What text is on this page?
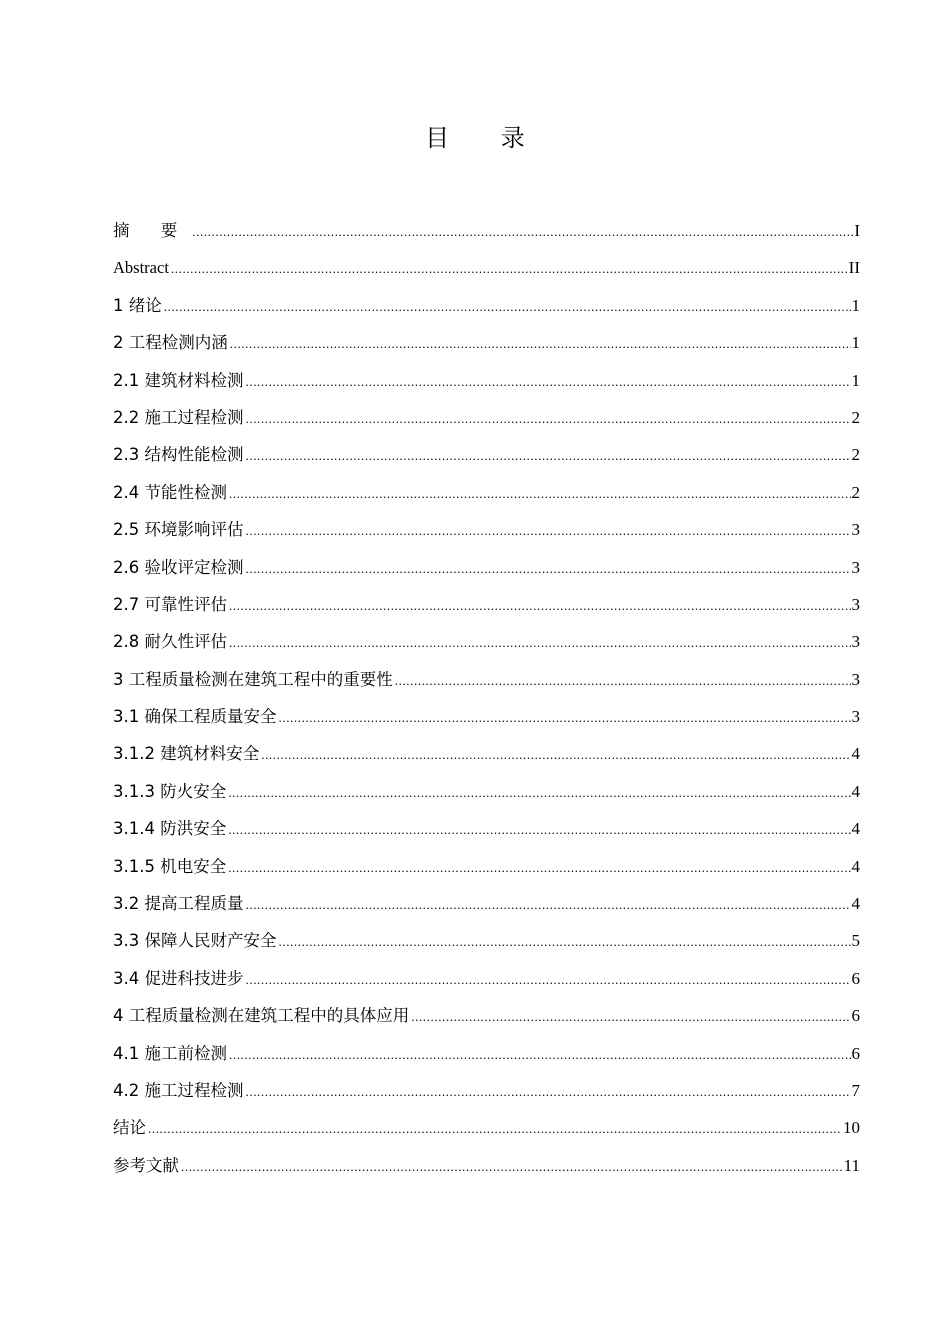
目 录
摘 要 .....	I
Abstract .....	II
1 绪论 .....	1
2 工程检测内涵 .....	1
2.1 建筑材料检测 .....	1
2.2 施工过程检测 .....	2
2.3 结构性能检测 .....	2
2.4 节能性检测 .....	2
2.5 环境影响评估 .....	3
2.6 验收评定检测 .....	3
2.7 可靠性评估 .....	3
2.8 耐久性评估 .....	3
3 工程质量检测在建筑工程中的重要性 .....	3
3.1 确保工程质量安全 .....	3
3.1.2 建筑材料安全 .....	4
3.1.3 防火安全 .....	4
3.1.4 防洪安全 .....	4
3.1.5 机电安全 .....	4
3.2 提高工程质量 .....	4
3.3 保障人民财产安全 .....	5
3.4 促进科技进步 .....	6
4 工程质量检测在建筑工程中的具体应用 .....	6
4.1 施工前检测 .....	6
4.2 施工过程检测 .....	7
结论 .....	10
参考文献 .....	11
